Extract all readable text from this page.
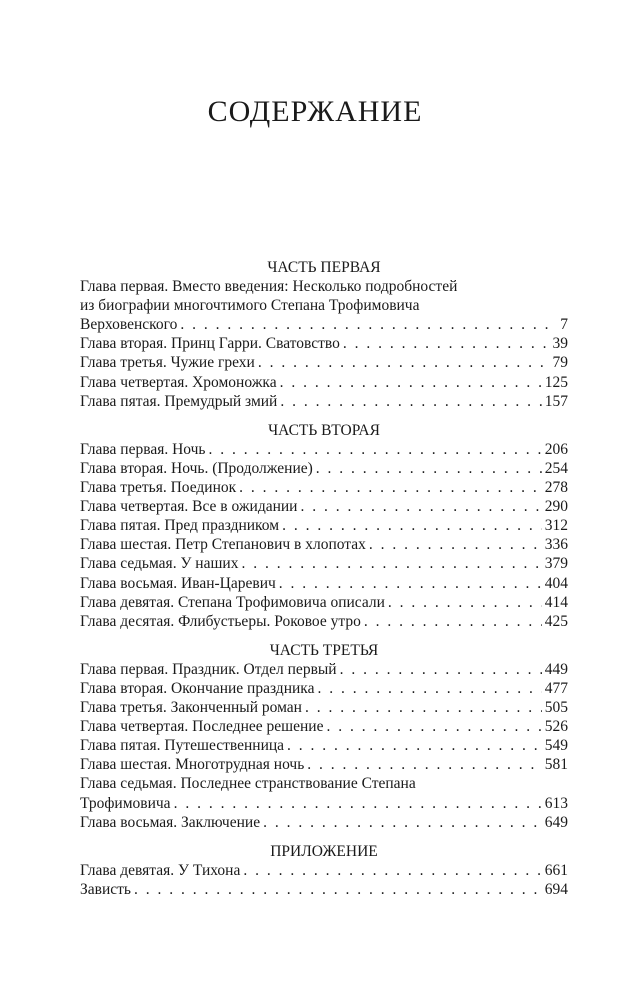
СОДЕРЖАНИЕ
ЧАСТЬ ПЕРВАЯ
Глава первая. Вместо введения: Несколько подробностей
из биографии многочтимого Степана Трофимовича
Верховенского . . .	7
Глава вторая. Принц Гарри. Сватовство . . .	39
Глава третья. Чужие грехи . . .	79
Глава четвертая. Хромоножка . . .	125
Глава пятая. Премудрый змий . . .	157
ЧАСТЬ ВТОРАЯ
Глава первая. Ночь . . .	206
Глава вторая. Ночь. (Продолжение) . . .	254
Глава третья. Поединок . . .	278
Глава четвертая. Все в ожидании . . .	290
Глава пятая. Пред праздником . . .	312
Глава шестая. Петр Степанович в хлопотах . . .	336
Глава седьмая. У наших . . .	379
Глава восьмая. Иван-Царевич . . .	404
Глава девятая. Степана Трофимовича описали . . .	414
Глава десятая. Флибустьеры. Роковое утро . . .	425
ЧАСТЬ ТРЕТЬЯ
Глава первая. Праздник. Отдел первый . . .	449
Глава вторая. Окончание праздника . . .	477
Глава третья. Законченный роман . . .	505
Глава четвертая. Последнее решение . . .	526
Глава пятая. Путешественница . . .	549
Глава шестая. Многотрудная ночь . . .	581
Глава седьмая. Последнее странствование Степана
Трофимовича . . .	613
Глава восьмая. Заключение . . .	649
ПРИЛОЖЕНИЕ
Глава девятая. У Тихона . . .	661
Зависть . . .	694
